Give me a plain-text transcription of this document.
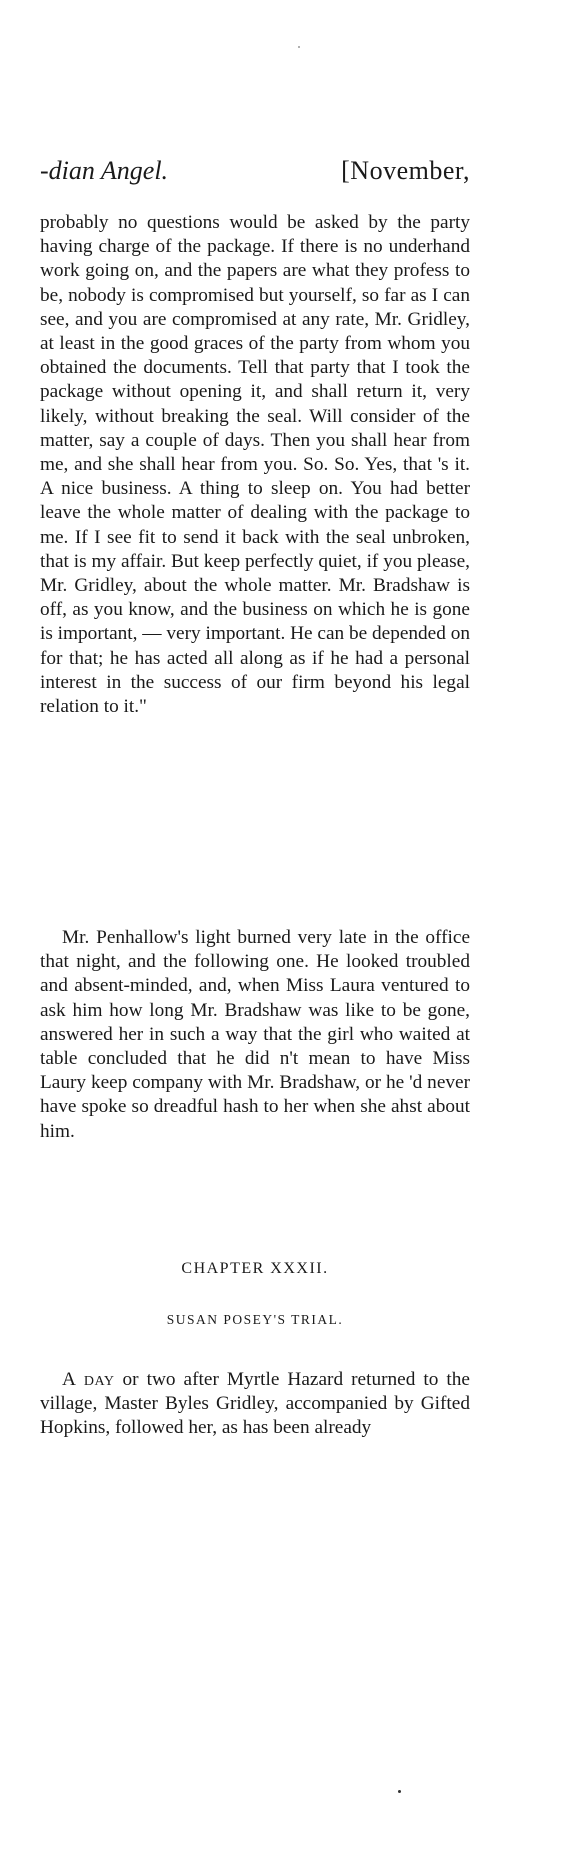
-dian Angel.	[November,
probably no questions would be asked by the party having charge of the package. If there is no underhand work going on, and the papers are what they profess to be, nobody is compromised but yourself, so far as I can see, and you are compromised at any rate, Mr. Gridley, at least in the good graces of the party from whom you obtained the documents. Tell that party that I took the package without opening it, and shall return it, very likely, without breaking the seal. Will consider of the matter, say a couple of days. Then you shall hear from me, and she shall hear from you. So. So. Yes, that 's it. A nice business. A thing to sleep on. You had better leave the whole matter of dealing with the package to me. If I see fit to send it back with the seal unbroken, that is my affair. But keep perfectly quiet, if you please, Mr. Gridley, about the whole matter. Mr. Bradshaw is off, as you know, and the business on which he is gone is important, — very important. He can be depended on for that; he has acted all along as if he had a personal interest in the success of our firm beyond his legal relation to it."
Mr. Penhallow's light burned very late in the office that night, and the following one. He looked troubled and absent-minded, and, when Miss Laura ventured to ask him how long Mr. Bradshaw was like to be gone, answered her in such a way that the girl who waited at table concluded that he did n't mean to have Miss Laury keep company with Mr. Bradshaw, or he 'd never have spoke so dreadful hash to her when she ahst about him.
CHAPTER XXXII.
SUSAN POSEY'S TRIAL.
A day or two after Myrtle Hazard returned to the village, Master Byles Gridley, accompanied by Gifted Hopkins, followed her, as has been already
